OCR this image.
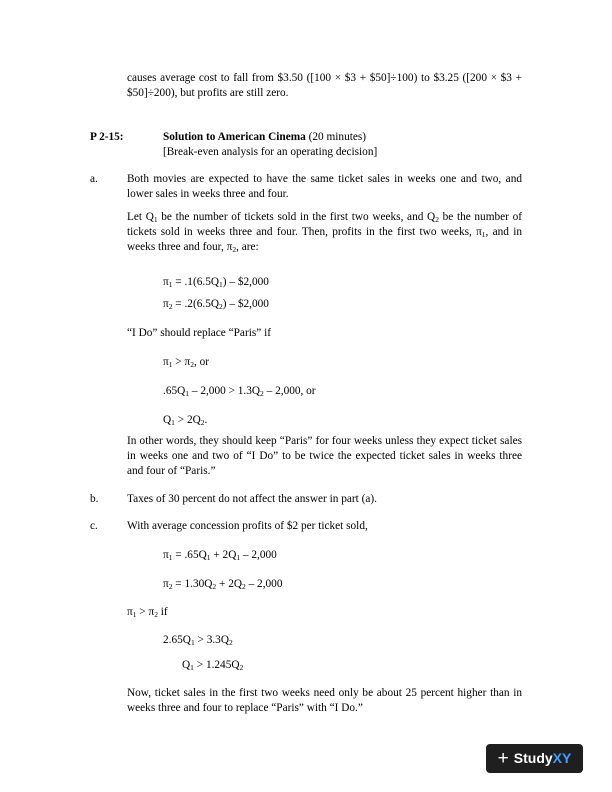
causes average cost to fall from $3.50 ([100 × $3 + $50]÷100) to $3.25 ([200 × $3 + $50]÷200), but profits are still zero.

P 2-15:	Solution to American Cinema (20 minutes)

[Break-even analysis for an operating decision]

a.	Both movies are expected to have the same ticket sales in weeks one and two, and lower sales in weeks three and four.

Let $Q_1$ be the number of tickets sold in the first two weeks, and $Q_2$ be the number of tickets sold in weeks three and four. Then, profits in the first two weeks, $\pi_1$, and in weeks three and four, $\pi_2$, are:

$\pi_1 = .1(6.5Q_1)$ – $2,000

$\pi_2 = .2(6.5Q_2)$ – $2,000

“I Do” should replace “Paris” if

$\pi_1 > \pi_2$, or

$.65Q_1 - 2,000 > 1.3Q_2 - 2,000$, or

$Q_1 > 2Q_2$.

In other words, they should keep “Paris” for four weeks unless they expect ticket sales in weeks one and two of “I Do” to be twice the expected ticket sales in weeks three and four of “Paris.”

b.	Taxes of 30 percent do not affect the answer in part (a).

c.	With average concession profits of $2 per ticket sold,

$\pi_1 = .65Q_1 + 2Q_1 - 2,000$

$\pi_2 = 1.30Q_2 + 2Q_2 - 2,000$

$\pi_1 > \pi_2$ if

$2.65Q_1 > 3.3Q_2$

$Q_1 > 1.245Q_2$

Now, ticket sales in the first two weeks need only be about 25 percent higher than in weeks three and four to replace “Paris” with “I Do.”

+ StudyXY
